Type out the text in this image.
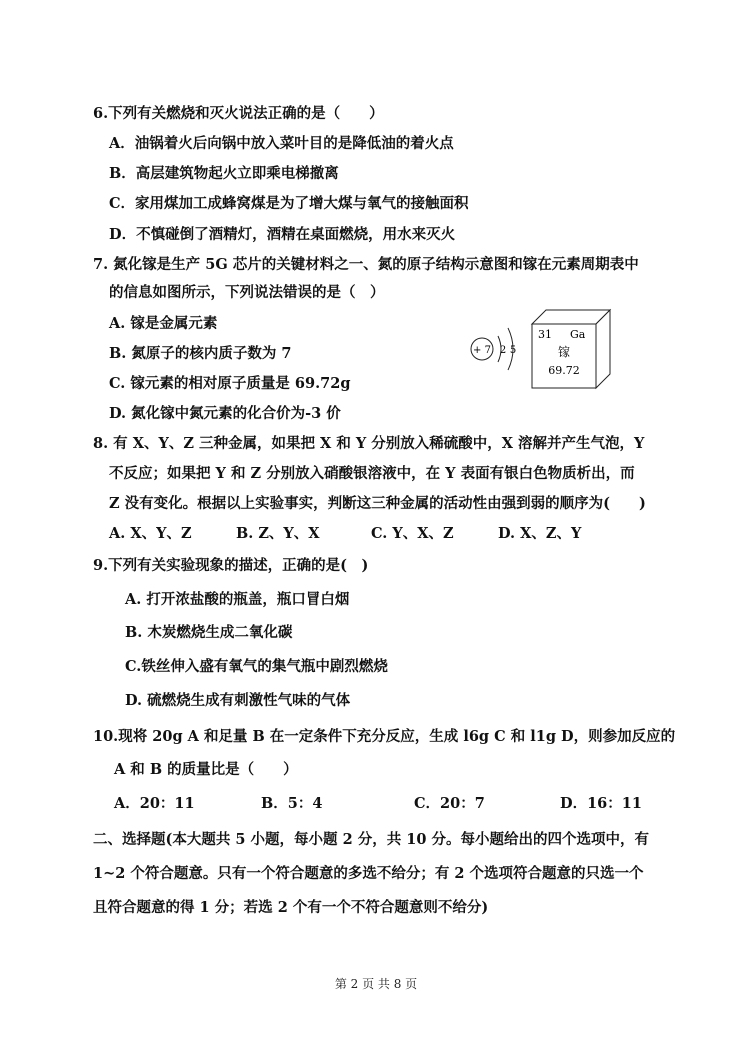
6.下列有关燃烧和灭火说法正确的是（　　）
A．油锅着火后向锅中放入菜叶目的是降低油的着火点
B．高层建筑物起火立即乘电梯撤离
C．家用煤加工成蜂窝煤是为了增大煤与氧气的接触面积
D．不慎碰倒了酒精灯，酒精在桌面燃烧，用水来灭火
7. 氮化镓是生产 5G 芯片的关键材料之一、氮的原子结构示意图和镓在元素周期表中
的信息如图所示，下列说法错误的是（　）
A. 镓是金属元素
B. 氮原子的核内质子数为 7
C. 镓元素的相对原子质量是 69.72g
D. 氮化镓中氮元素的化合价为-3 价
+ 7 2 5
31 Ga
镓
69.72
8. 有 X、Y、Z 三种金属，如果把 X 和 Y 分别放入稀硫酸中，X 溶解并产生气泡，Y
不反应；如果把 Y 和 Z 分别放入硝酸银溶液中，在 Y 表面有银白色物质析出，而
Z 没有变化。根据以上实验事实，判断这三种金属的活动性由强到弱的顺序为(　　)
A. X、Y、Z	B. Z、Y、X	C. Y、X、Z	D. X、Z、Y
9.下列有关实验现象的描述，正确的是(　)
A. 打开浓盐酸的瓶盖，瓶口冒白烟
B. 木炭燃烧生成二氧化碳
C.铁丝伸入盛有氧气的集气瓶中剧烈燃烧
D. 硫燃烧生成有刺激性气味的气体
10.现将 20g A 和足量 B 在一定条件下充分反应，生成 l6g C 和 l1g D，则参加反应的
A 和 B 的质量比是（　　）
A．20：11	B．5：4	C．20：7	D．16：11
二、选择题(本大题共 5 小题，每小题 2 分，共 10 分。每小题给出的四个选项中，有
1~2 个符合题意。只有一个符合题意的多选不给分；有 2 个选项符合题意的只选一个
且符合题意的得 1 分；若选 2 个有一个不符合题意则不给分)
第 2 页 共 8 页
